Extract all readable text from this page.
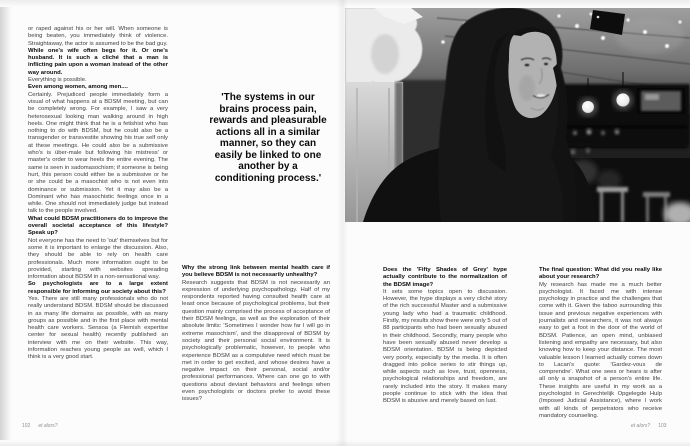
or raped against his or her will. When someone is being beaten, you immediately think of violence. Straightaway, the actor is assumed to be the bad guy.

While one's wife often begs for it. Or one's husband. It is such a cliché that a man is inflicting pain upon a woman instead of the other way around.

Everything is possible.

Even among women, among men....

Certainly. Prejudiced people immediately form a visual of what happens at a BDSM meeting, but can be completely wrong. For example, I saw a very heterosexual looking man walking around in high heels. One might think that he is a fetishist who has nothing to do with BDSM, but he could also be a transgender or transvestite showing his true self only at these meetings. He could also be a submissive who's is über-male but following his mistress' or master's order to wear heels the entire evening. The same is seen in sadomasochism; if someone is being hurt, this person could either be a submissive or he or she could be a masochist who is not even into dominance or submission. Yet it may also be a Dominant who has masochistic feelings once in a while. One should not immediately judge but instead talk to the people involved.

What could BDSM practitioners do to improve the overall societal acceptance of this lifestyle? Speak up?

Not everyone has the need to 'out' themselves but for some it is important to enlarge the discussion. Also, they should be able to rely on health care professionals. Much more information ought to be provided, starting with websites spreading information about BDSM in a non-sensational way.

So psychologists are to a large extent responsible for informing our society about this?

Yes. There are still many professionals who do not really understand BDSM. BDSM should be discussed in as many life domains as possible, with as many groups as possible and in the first place with mental health care workers. Sensoa (a Flemish expertise center for sexual health) recently published an interview with me on their website. This way, information reaches young people as well, which I think is a very good start.

'The systems in our brains process pain, rewards and pleasurable actions all in a similar manner, so they can easily be linked to one another by a conditioning process.'

Why the strong link between mental health care if you believe BDSM is not necessarily unhealthy?

Research suggests that BDSM is not necessarily an expression of underlying psychopathology. Half of my respondents reported having consulted health care at least once because of psychological problems, but their question mainly comprised the process of acceptance of their BDSM feelings, as well as the exploration of their absolute limits: 'Sometimes I wonder how far I will go in extreme masochism', and the disapproval of BDSM by society and their personal social environment. It is psychologically problematic, however, to people who experience BDSM as a compulsive need which must be met in order to get excited, and whose desires have a negative impact on their personal, social and/or professional performances. Where can one go to with questions about deviant behaviors and feelings when even psychologists or doctors prefer to avoid these issues?

Does the 'Fifty Shades of Grey' hype actually contribute to the normalization of the BDSM image?

It sets some topics open to discussion. However, the hype displays a very cliché story of the rich successful Master and a submissive young lady who had a traumatic childhood. Firstly, my results show there were only 5 out of 88 participants who had been sexually abused in their childhood. Secondly, many people who have been sexually abused never develop a BDSM orientation. BDSM is being depicted very poorly, especially by the media. It is often dragged into police series to stir things up, while aspects such as love, trust, openness, psychological relationships and freedom, are rarely included into the story. It makes many people continue to stick with the idea that BDSM is abusive and merely based on lust.

The final question: What did you really like about your research?

My research has made me a much better psychologist. It faced me with intense psychology in practice and the challenges that come with it. Given the taboo surrounding this issue and previous negative experiences with journalists and researchers, it was not always easy to get a foot in the door of the world of BDSM. Patience, an open mind, unbiased listening and empathy are necessary, but also knowing how to keep your distance. The most valuable lesson I learned actually comes down to Lacan's quote: 'Gardez-vous de comprendre'. What one sees or hears is after all only a snapshot of a person's entire life. These insights are useful in my work as a psychologist in Gerechtelijk Opgelegde Hulp (Imposed Judicial Assistance), where I work with all kinds of perpetrators who receive mandatory counseling.

102 et alors?	et alors? 103
